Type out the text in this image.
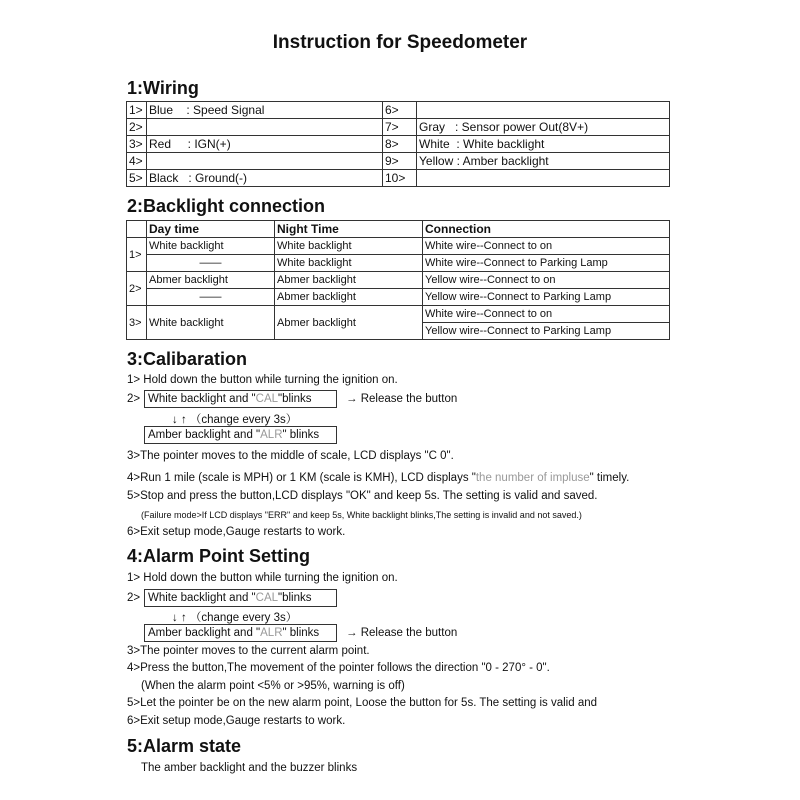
Instruction for Speedometer
1:Wiring
1>	Blue    : Speed Signal	6>	
2>		7>	Gray   : Sensor power Out(8V+)
3>	Red     : IGN(+)	8>	White  : White backlight
4>		9>	Yellow : Amber backlight
5>	Black   : Ground(-)	10>	
2:Backlight connection
	Day time	Night Time	Connection
1>	White backlight	White backlight	White wire--Connect to on
	——	White backlight	White wire--Connect to Parking Lamp
2>	Abmer backlight	Abmer backlight	Yellow wire--Connect to on
	——	Abmer backlight	Yellow wire--Connect to Parking Lamp
3>	White backlight	Abmer backlight	White wire--Connect to on
			Yellow wire--Connect to Parking Lamp
3:Calibaration
1> Hold down the button while turning the ignition on.
2> White backlight and "CAL"blinks	→ Release the button
↓ ↑ （change every 3s）
Amber backlight and "ALR" blinks
3>The pointer moves to the middle of scale, LCD displays "C 0".
4>Run 1 mile (scale is MPH) or 1 KM (scale is KMH), LCD displays "the number of impluse" timely.
5>Stop and press the button,LCD displays "OK" and keep 5s. The setting is valid and saved.
(Failure mode>If LCD displays "ERR" and keep 5s, White backlight blinks,The setting is invalid and not saved.)
6>Exit setup mode,Gauge restarts to work.
4:Alarm Point Setting
1> Hold down the button while turning the ignition on.
2> White backlight and "CAL"blinks
↓ ↑ （change every 3s）
Amber backlight and "ALR" blinks	→ Release the button
3>The pointer moves to the current alarm point.
4>Press the button,The movement of the pointer follows the direction "0 - 270° - 0".
(When the alarm point <5% or >95%, warning is off)
5>Let the pointer be on the new alarm point, Loose the button for 5s. The setting is valid and
6>Exit setup mode,Gauge restarts to work.
5:Alarm state
The amber backlight and the buzzer blinks
